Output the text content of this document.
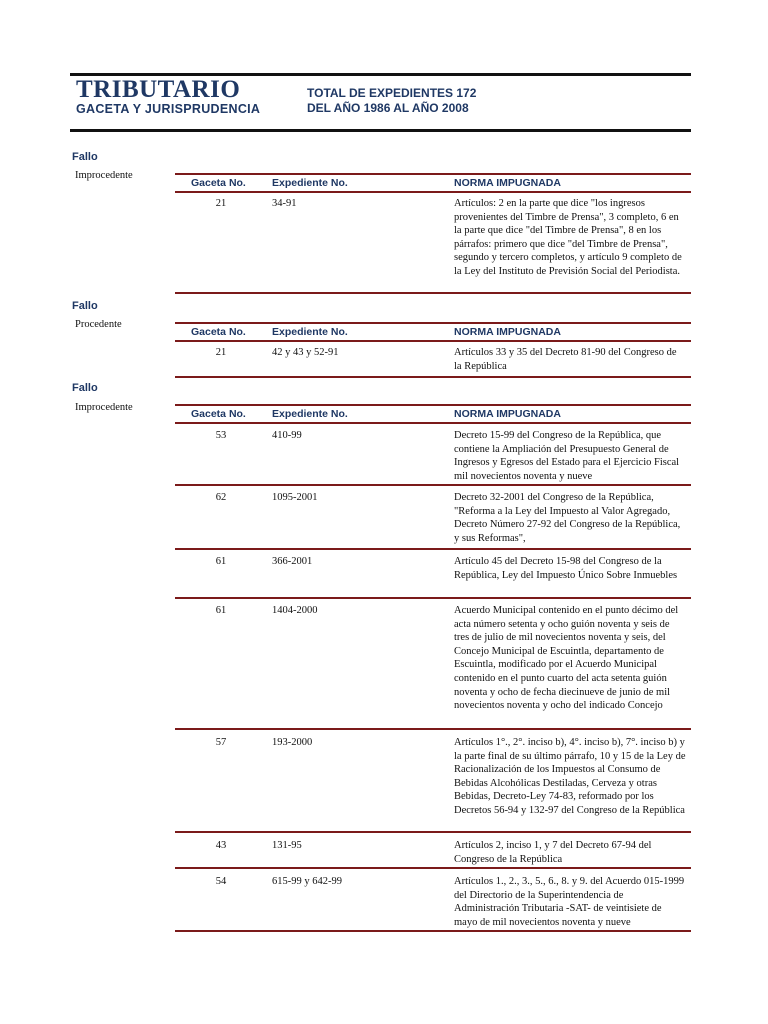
TRIBUTARIO
GACETA Y JURISPRUDENCIA
TOTAL DE EXPEDIENTES 172
DEL AÑO 1986 AL AÑO 2008
Fallo
Improcedente
Gaceta No. Expediente No.	NORMA IMPUGNADA
21	34-91	Artículos: 2 en la parte que dice "los ingresos provenientes del Timbre de Prensa", 3 completo, 6 en la parte que dice "del Timbre de Prensa", 8 en los párrafos: primero que dice "del Timbre de Prensa", segundo y tercero completos, y artículo 9 completo de la Ley del Instituto de Previsión Social del Periodista.
Fallo
Procedente
Gaceta No. Expediente No.	NORMA IMPUGNADA
21	42 y 43 y 52-91	Artículos 33 y 35 del Decreto 81-90 del Congreso de la República
Fallo
Improcedente
Gaceta No. Expediente No.	NORMA IMPUGNADA
53	410-99	Decreto 15-99 del Congreso de la República, que contiene la Ampliación del Presupuesto General de Ingresos y Egresos del Estado para el Ejercicio Fiscal mil novecientos noventa y nueve
62	1095-2001	Decreto 32-2001 del Congreso de la República, "Reforma a la Ley del Impuesto al Valor Agregado, Decreto Número 27-92 del Congreso de la República, y sus Reformas",
61	366-2001	Artículo 45 del Decreto 15-98 del Congreso de la República, Ley del Impuesto Único Sobre Inmuebles
61	1404-2000	Acuerdo Municipal contenido en el punto décimo del acta número setenta y ocho guión noventa y seis de tres de julio de mil novecientos noventa y seis, del Concejo Municipal de Escuintla, departamento de Escuintla, modificado por el Acuerdo Municipal contenido en el punto cuarto del acta setenta guión noventa y ocho de fecha diecinueve de junio de mil novecientos noventa y ocho del indicado Concejo
57	193-2000	Artículos 1°., 2°. inciso b), 4°. inciso b), 7°. inciso b) y la parte final de su último párrafo, 10 y 15 de la Ley de Racionalización de los Impuestos al Consumo de Bebidas Alcohólicas Destiladas, Cerveza y otras Bebidas, Decreto-Ley 74-83, reformado por los Decretos 56-94 y 132-97 del Congreso de la República
43	131-95	Artículos 2, inciso 1, y 7 del Decreto 67-94 del Congreso de la República
54	615-99 y 642-99	Artículos 1., 2., 3., 5., 6., 8. y 9. del Acuerdo 015-1999 del Directorio de la Superintendencia de Administración Tributaria -SAT- de veintisiete de mayo de mil novecientos noventa y nueve
